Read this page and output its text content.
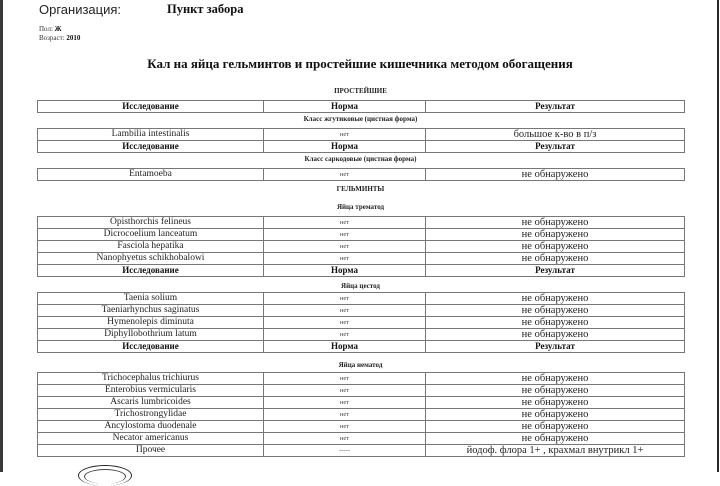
Организация:	Пункт забора
Пол: Ж
Возраст: 2010
Кал на яйца гельминтов и простейшие кишечника методом обогащения
ПРОСТЕЙШИЕ
Исследование	Норма	Результат
Класс жгутиковые (цистная форма)
Lambilia intestinalis	нет	большое к-во в п/з
Исследование	Норма	Результат
Класс саркодовые (цистная форма)
Entamoeba	нет	не обнаружено
ГЕЛЬМИНТЫ
Яйца трематод
Opisthorchis felineus	нет	не обнаружено
Dicrocoelium lanceatum	нет	не обнаружено
Fasciola hepatika	нет	не обнаружено
Nanophyetus schikhobalowi	нет	не обнаружено
Исследование	Норма	Результат
Яйца цестод
Taenia solium	нет	не обнаружено
Taeniarhynchus saginatus	нет	не обнаружено
Hymenolepis diminuta	нет	не обнаружено
Diphyllobothrium latum	нет	не обнаружено
Исследование	Норма	Результат
Яйца нематод
Trichocephalus trichiurus	нет	не обнаружено
Enterobius vermicularis	нет	не обнаружено
Ascaris lumbricoides	нет	не обнаружено
Trichostrongylidae	нет	не обнаружено
Ancylostoma duodenale	нет	не обнаружено
Necator americanus	нет	не обнаружено
Прочее	-----	йодоф. флора 1+ , крахмал внутрикл 1+
